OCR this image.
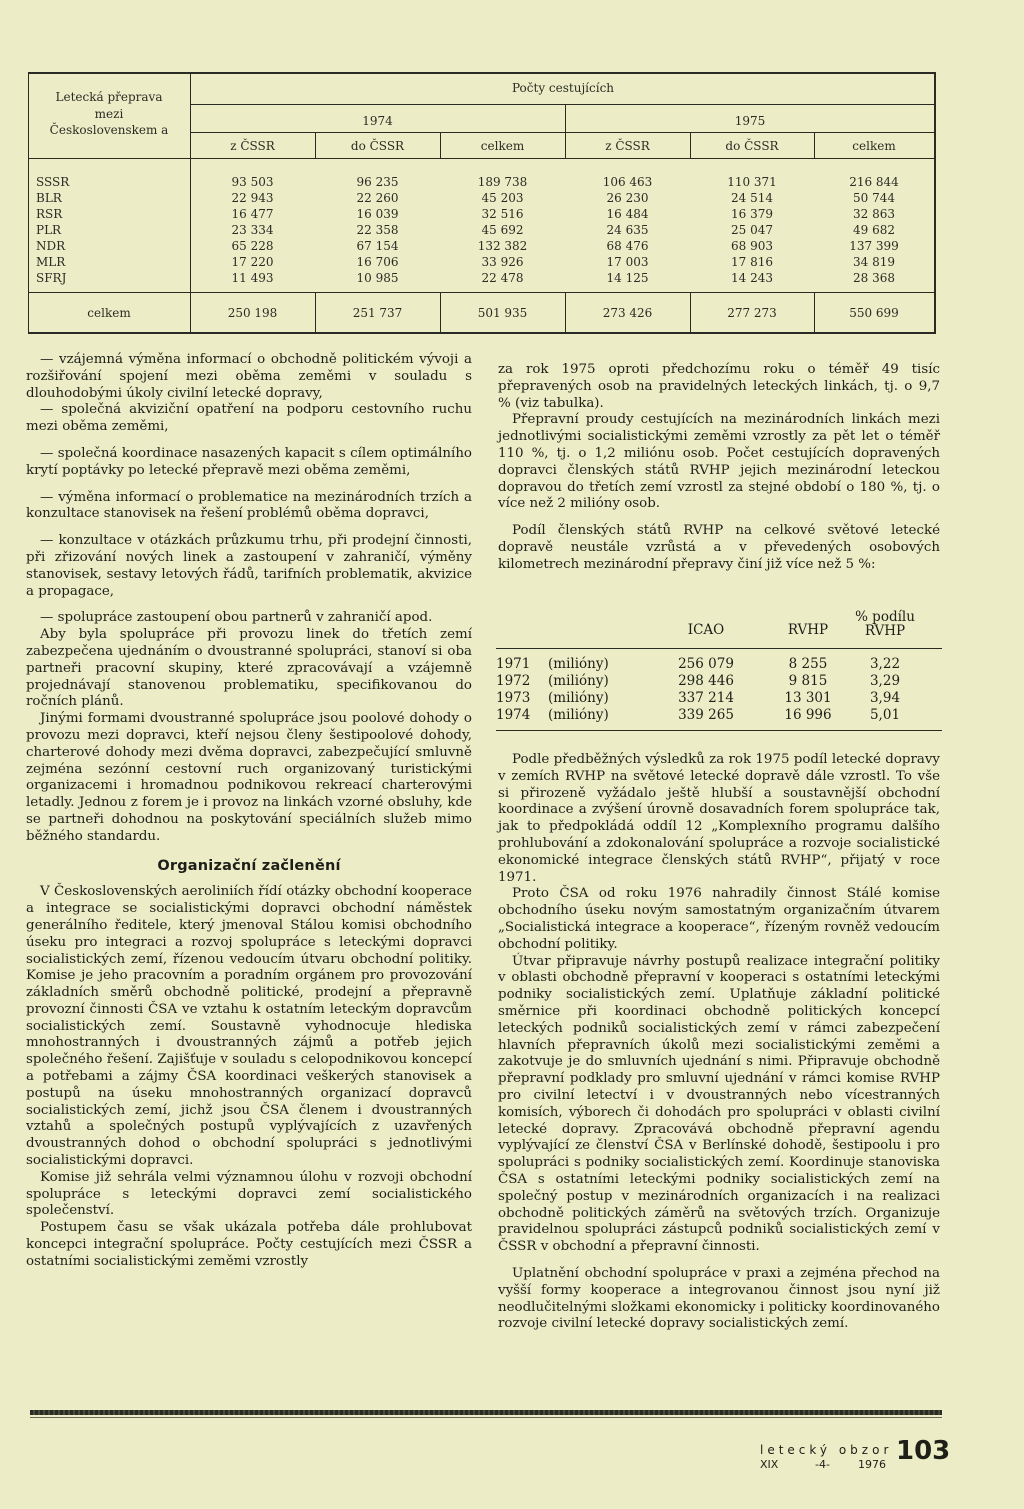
Letecká přeprava
mezi
Československem a
Počty cestujících
1974	1975
z ČSSR	do ČSSR	celkem	z ČSSR	do ČSSR	celkem
SSSR	93 503	96 235	189 738	106 463	110 371	216 844
BLR	22 943	22 260	45 203	26 230	24 514	50 744
RSR	16 477	16 039	32 516	16 484	16 379	32 863
PLR	23 334	22 358	45 692	24 635	25 047	49 682
NDR	65 228	67 154	132 382	68 476	68 903	137 399
MLR	17 220	16 706	33 926	17 003	17 816	34 819
SFRJ	11 493	10 985	22 478	14 125	14 243	28 368
celkem	250 198	251 737	501 935	273 426	277 273	550 699

— vzájemná výměna informací o obchodně politickém vývoji a rozšiřování spojení mezi oběma zeměmi v souladu s dlouhodobými úkoly civilní letecké dopravy,

— společná akviziční opatření na podporu cestovního ruchu mezi oběma zeměmi,

— společná koordinace nasazených kapacit s cílem optimálního krytí poptávky po letecké přepravě mezi oběma zeměmi,

— výměna informací o problematice na mezinárodních trzích a konzultace stanovisek na řešení problémů oběma dopravci,

— konzultace v otázkách průzkumu trhu, při prodejní činnosti, při zřizování nových linek a zastoupení v zahraničí, výměny stanovisek, sestavy letových řádů, tarifních problematik, akvizice a propagace,

— spolupráce zastoupení obou partnerů v zahraničí apod.

Aby byla spolupráce při provozu linek do třetích zemí zabezpečena ujednáním o dvoustranné spolupráci, stanoví si oba partneři pracovní skupiny, které zpracovávají a vzájemně projednávají stanovenou problematiku, specifikovanou do ročních plánů.

Jinými formami dvoustranné spolupráce jsou poolové dohody o provozu mezi dopravci, kteří nejsou členy šestipoolové dohody, charterové dohody mezi dvěma dopravci, zabezpečující smluvně zejména sezónní cestovní ruch organizovaný turistickými organizacemi i hromadnou podnikovou rekreací charterovými letadly. Jednou z forem je i provoz na linkách vzorné obsluhy, kde se partneři dohodnou na poskytování speciálních služeb mimo běžného standardu.

Organizační začlenění

V Československých aeroliniích řídí otázky obchodní kooperace a integrace se socialistickými dopravci obchodní náměstek generálního ředitele, který jmenoval Stálou komisi obchodního úseku pro integraci a rozvoj spolupráce s leteckými dopravci socialistických zemí, řízenou vedoucím útvaru obchodní politiky. Komise je jeho pracovním a poradním orgánem pro provozování základních směrů obchodně politické, prodejní a přepravně provozní činnosti ČSA ve vztahu k ostatním leteckým dopravcům socialistických zemí. Soustavně vyhodnocuje hlediska mnohostranných i dvoustranných zájmů a potřeb jejich společného řešení. Zajišťuje v souladu s celopodnikovou koncepcí a potřebami a zájmy ČSA koordinaci veškerých stanovisek a postupů na úseku mnohostranných organizací dopravců socialistických zemí, jichž jsou ČSA členem i dvoustranných vztahů a společných postupů vyplývajících z uzavřených dvoustranných dohod o obchodní spolupráci s jednotlivými socialistickými dopravci.

Komise již sehrála velmi významnou úlohu v rozvoji obchodní spolupráce s leteckými dopravci zemí socialistického společenství.

Postupem času se však ukázala potřeba dále prohlubovat koncepci integrační spolupráce. Počty cestujících mezi ČSSR a ostatními socialistickými zeměmi vzrostly

za rok 1975 oproti předchozímu roku o téměř 49 tisíc přepravených osob na pravidelných leteckých linkách, tj. o 9,7 % (viz tabulka).

Přepravní proudy cestujících na mezinárodních linkách mezi jednotlivými socialistickými zeměmi vzrostly za pět let o téměř 110 %, tj. o 1,2 miliónu osob. Počet cestujících dopravených dopravci členských států RVHP jejich mezinárodní leteckou dopravou do třetích zemí vzrostl za stejné období o 180 %, tj. o více než 2 milióny osob.

Podíl členských států RVHP na celkové světové letecké dopravě neustále vzrůstá a v převedených osobových kilometrech mezinárodní přepravy činí již více než 5 %:

ICAO	RVHP
% podílu RVHP
1971	(milióny)	256 079	8 255	3,22
1972	(milióny)	298 446	9 815	3,29
1973	(milióny)	337 214	13 301	3,94
1974	(milióny)	339 265	16 996	5,01

Podle předběžných výsledků za rok 1975 podíl letecké dopravy v zemích RVHP na světové letecké dopravě dále vzrostl. To vše si přirozeně vyžádalo ještě hlubší a soustavnější obchodní koordinace a zvýšení úrovně dosavadních forem spolupráce tak, jak to předpokládá oddíl 12 „Komplexního programu dalšího prohlubování a zdokonalování spolupráce a rozvoje socialistické ekonomické integrace členských států RVHP“, přijatý v roce 1971.

Proto ČSA od roku 1976 nahradily činnost Stálé komise obchodního úseku novým samostatným organizačním útvarem „Socialistická integrace a kooperace“, řízeným rovněž vedoucím obchodní politiky.

Útvar připravuje návrhy postupů realizace integrační politiky v oblasti obchodně přepravní v kooperaci s ostatními leteckými podniky socialistických zemí. Uplatňuje základní politické směrnice při koordinaci obchodně politických koncepcí leteckých podniků socialistických zemí v rámci zabezpečení hlavních přepravních úkolů mezi socialistickými zeměmi a zakotvuje je do smluvních ujednání s nimi. Připravuje obchodně přepravní podklady pro smluvní ujednání v rámci komise RVHP pro civilní letectví i v dvoustranných nebo vícestranných komisích, výborech či dohodách pro spolupráci v oblasti civilní letecké dopravy. Zpracovává obchodně přepravní agendu vyplývající ze členství ČSA v Berlínské dohodě, šestipoolu i pro spolupráci s podniky socialistických zemí. Koordinuje stanoviska ČSA s ostatními leteckými podniky socialistických zemí na společný postup v mezinárodních organizacích i na realizaci obchodně politických záměrů na světových trzích. Organizuje pravidelnou spolupráci zástupců podniků socialistických zemí v ČSSR v obchodní a přepravní činnosti.

Uplatnění obchodní spolupráce v praxi a zejména přechod na vyšší formy kooperace a integrovanou činnost jsou nyní již neodlučitelnými složkami ekonomicky i politicky koordinovaného rozvoje civilní letecké dopravy socialistických zemí.

letecký obzor
XIX	-4-	1976 103
